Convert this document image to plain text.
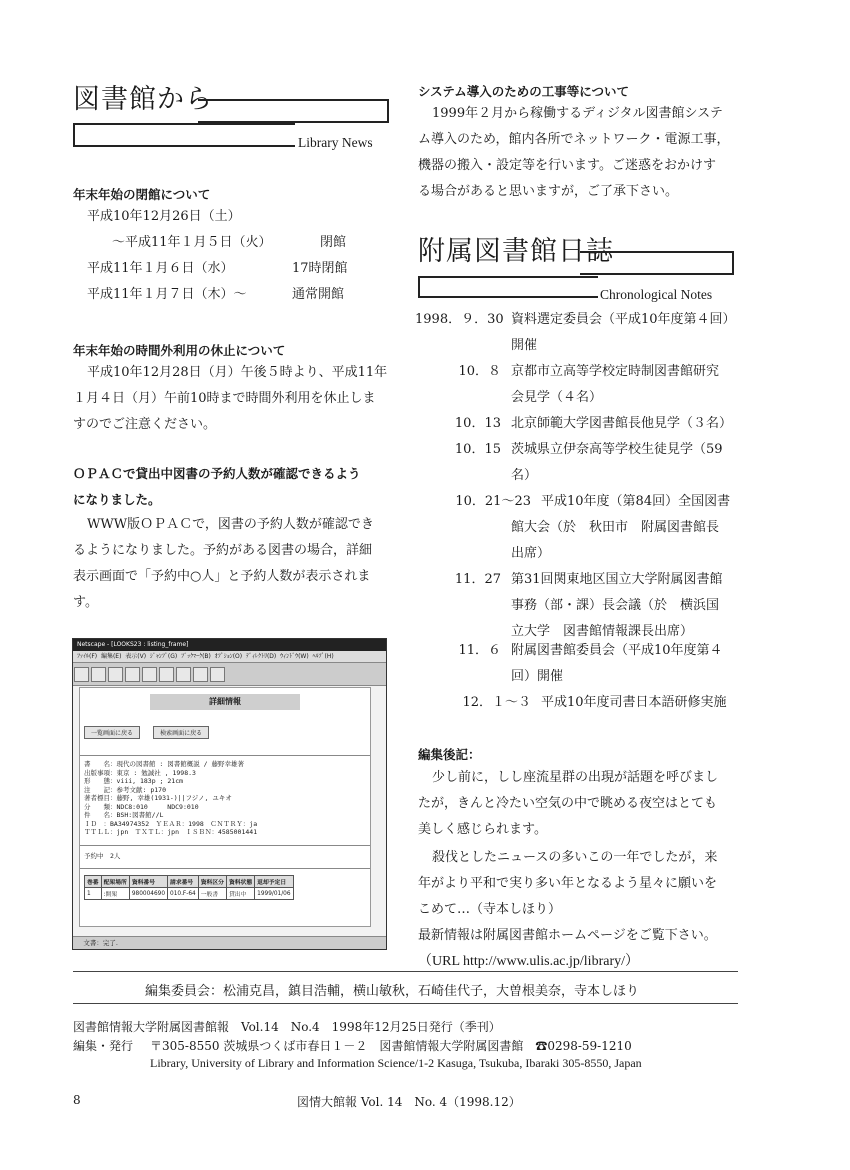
図書館から
Library News
年末年始の閉館について
平成10年12月26日（土）
～平成11年１月５日（火）	閉館
平成11年１月６日（水）	17時閉館
平成11年１月７日（木）～	通常開館
年末年始の時間外利用の休止について
平成10年12月28日（月）午後５時より、平成11年
１月４日（月）午前10時まで時間外利用を休止しま
すのでご注意ください。
ＯＰＡＣで貸出中図書の予約人数が確認できるよう
になりました。
WWW版ＯＰＡＣで，図書の予約人数が確認でき
るようになりました。予約がある図書の場合，詳細
表示画面で「予約中○人」と予約人数が表示されま
す。
Netscape - [LOOKS23 : listing_frame]
ﾌｧｲﾙ(F) 編集(E) 表示(V) ｼﾞｬﾝﾌﾟ(G) ﾌﾞｯｸﾏｰｸ(B) ｵﾌﾟｼｮﾝ(O) ﾃﾞｨﾚｸﾄﾘ(D) ｳｨﾝﾄﾞｳ(W) ﾍﾙﾌﾟ(H)
詳細情報
一覧画面に戻る	検索画面に戻る
書　　名：現代の図書館 : 図書館概説 / 藤野幸雄著
出版事項：東京 : 勉誠社 , 1998.3
形　　態：viii, 183p ; 21cm
注　　記：参考文献: p170
著者標目：藤野, 幸雄(1931-)||フジノ, ユキオ
分　　類：NDC8:010　　　NDC9:010
件　　名：BSH:図書館//L
ＩＤ　：BA34974352　ＹＥＡＲ：1998　ＣＮＴＲＹ：ja
ＴＴＬＬ：jpn　ＴＸＴＬ：jpn　ＩＳＢＮ：4585001441
予約中　2人
巻番	配架場所	資料番号	請求番号	資料区分	資料状態	返却予定日
1	:開架	980004690	010.F-64	一般書	貸出中	1999/01/06
文書：完了.
システム導入のための工事等について
1999年２月から稼働するディジタル図書館システ
ム導入のため，館内各所でネットワーク・電源工事，
機器の搬入・設定等を行います。ご迷惑をおかけす
る場合があると思いますが，ご了承下さい。
附属図書館日誌
Chronological Notes
1998．９．30 資料選定委員会（平成10年度第４回）
開催
10．８ 京都市立高等学校定時制図書館研究
会見学（４名）
10．13 北京師範大学図書館長他見学（３名）
10．15 茨城県立伊奈高等学校生徒見学（59
名）
10．21～23 平成10年度（第84回）全国図書
館大会（於　秋田市　附属図書館長
出席）
11．27 第31回関東地区国立大学附属図書館
事務（部・課）長会議（於　横浜国
立大学　図書館情報課長出席）
11．６ 附属図書館委員会（平成10年度第４
回）開催
12．１～３ 平成10年度司書日本語研修実施
編集後記：
少し前に，しし座流星群の出現が話題を呼びまし
たが，きんと冷たい空気の中で眺める夜空はとても
美しく感じられます。
殺伐としたニュースの多いこの一年でしたが，来
年がより平和で実り多い年となるよう星々に願いを
こめて…（寺本しほり）
最新情報は附属図書館ホームページをご覧下さい。
（URL http://www.ulis.ac.jp/library/）
編集委員会：松浦克昌，鎮目浩輔，横山敏秋，石崎佳代子，大曽根美奈，寺本しほり
図書館情報大学附属図書館報　Vol.14　No.4　1998年12月25日発行（季刊）
編集・発行 〒305-8550 茨城県つくば市春日１－２　図書館情報大学附属図書館　☎0298-59-1210
Library, University of Library and Information Science/1-2 Kasuga, Tsukuba, Ibaraki 305-8550, Japan
8	図情大館報 Vol. 14　No. 4（1998.12）
